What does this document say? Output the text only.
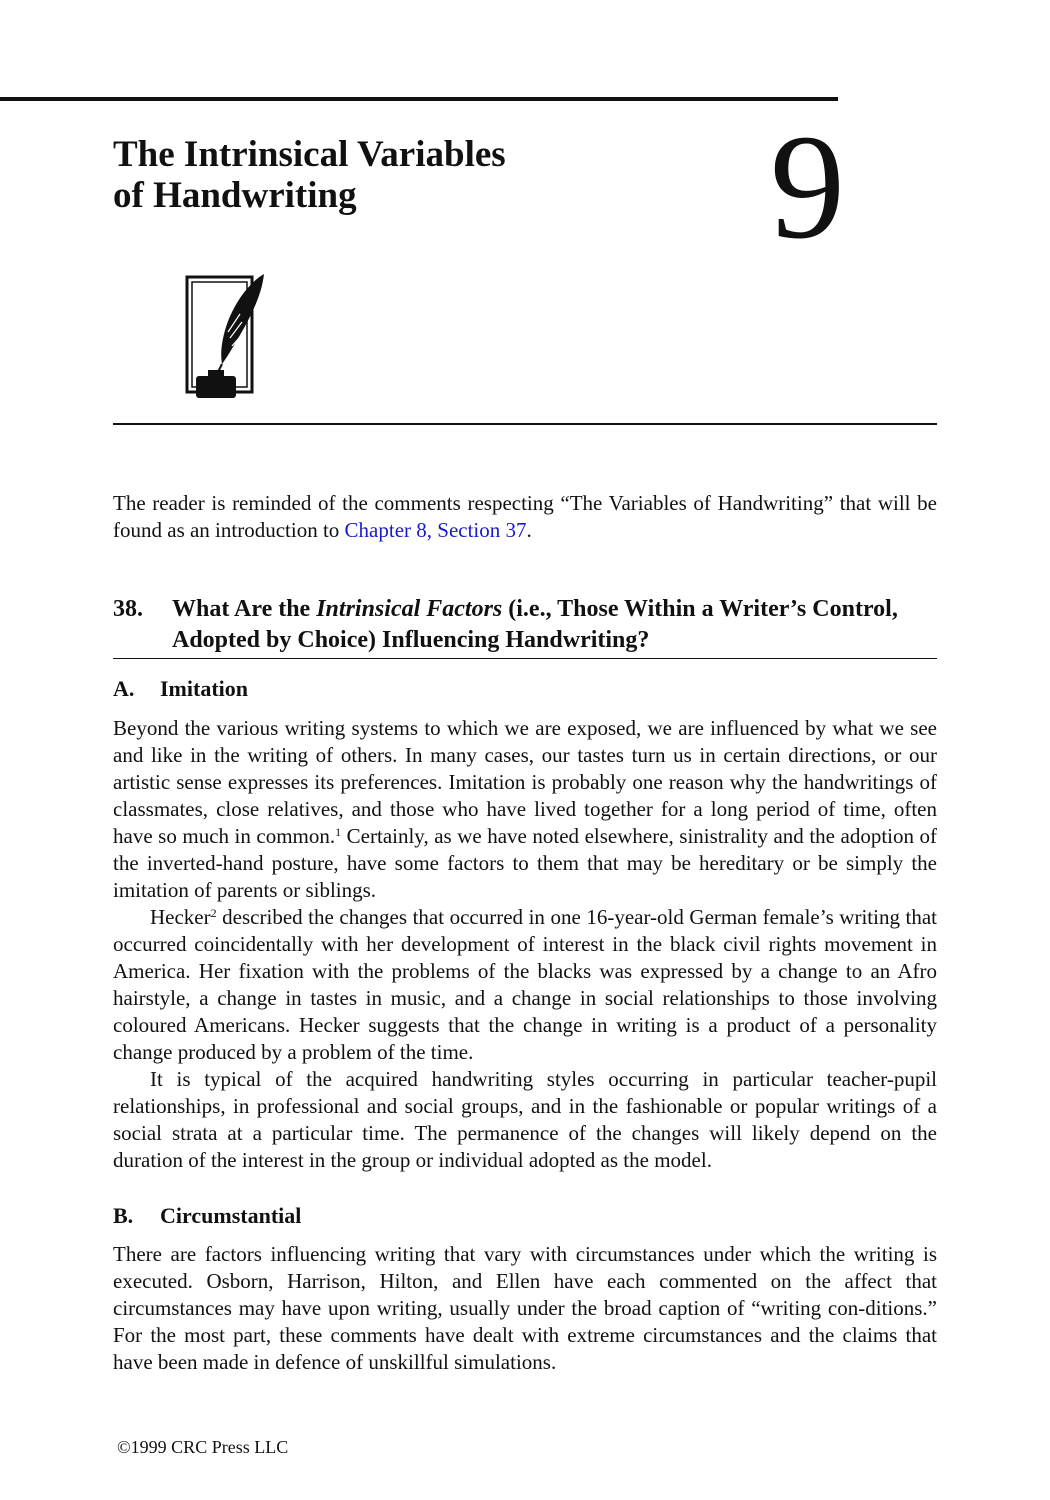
The Intrinsical Variables
of Handwriting	9

The reader is reminded of the comments respecting “The Variables of Handwriting” that will be found as an introduction to Chapter 8, Section 37.

38. What Are the Intrinsical Factors (i.e., Those Within a Writer’s Control, Adopted by Choice) Influencing Handwriting?
A. Imitation

Beyond the various writing systems to which we are exposed, we are influenced by what we see and like in the writing of others. In many cases, our tastes turn us in certain directions, or our artistic sense expresses its preferences. Imitation is probably one reason why the handwritings of classmates, close relatives, and those who have lived together for a long period of time, often have so much in common.$^1$ Certainly, as we have noted elsewhere, sinistrality and the adoption of the inverted-hand posture, have some factors to them that may be hereditary or be simply the imitation of parents or siblings.

Hecker$^2$ described the changes that occurred in one 16-year-old German female’s writing that occurred coincidentally with her development of interest in the black civil rights movement in America. Her fixation with the problems of the blacks was expressed by a change to an Afro hairstyle, a change in tastes in music, and a change in social relationships to those involving coloured Americans. Hecker suggests that the change in writing is a product of a personality change produced by a problem of the time.

It is typical of the acquired handwriting styles occurring in particular teacher-pupil relationships, in professional and social groups, and in the fashionable or popular writings of a social strata at a particular time. The permanence of the changes will likely depend on the duration of the interest in the group or individual adopted as the model.

B. Circumstantial

There are factors influencing writing that vary with circumstances under which the writing is executed. Osborn, Harrison, Hilton, and Ellen have each commented on the affect that circumstances may have upon writing, usually under the broad caption of “writing con-ditions.” For the most part, these comments have dealt with extreme circumstances and the claims that have been made in defence of unskillful simulations.

©1999 CRC Press LLC
